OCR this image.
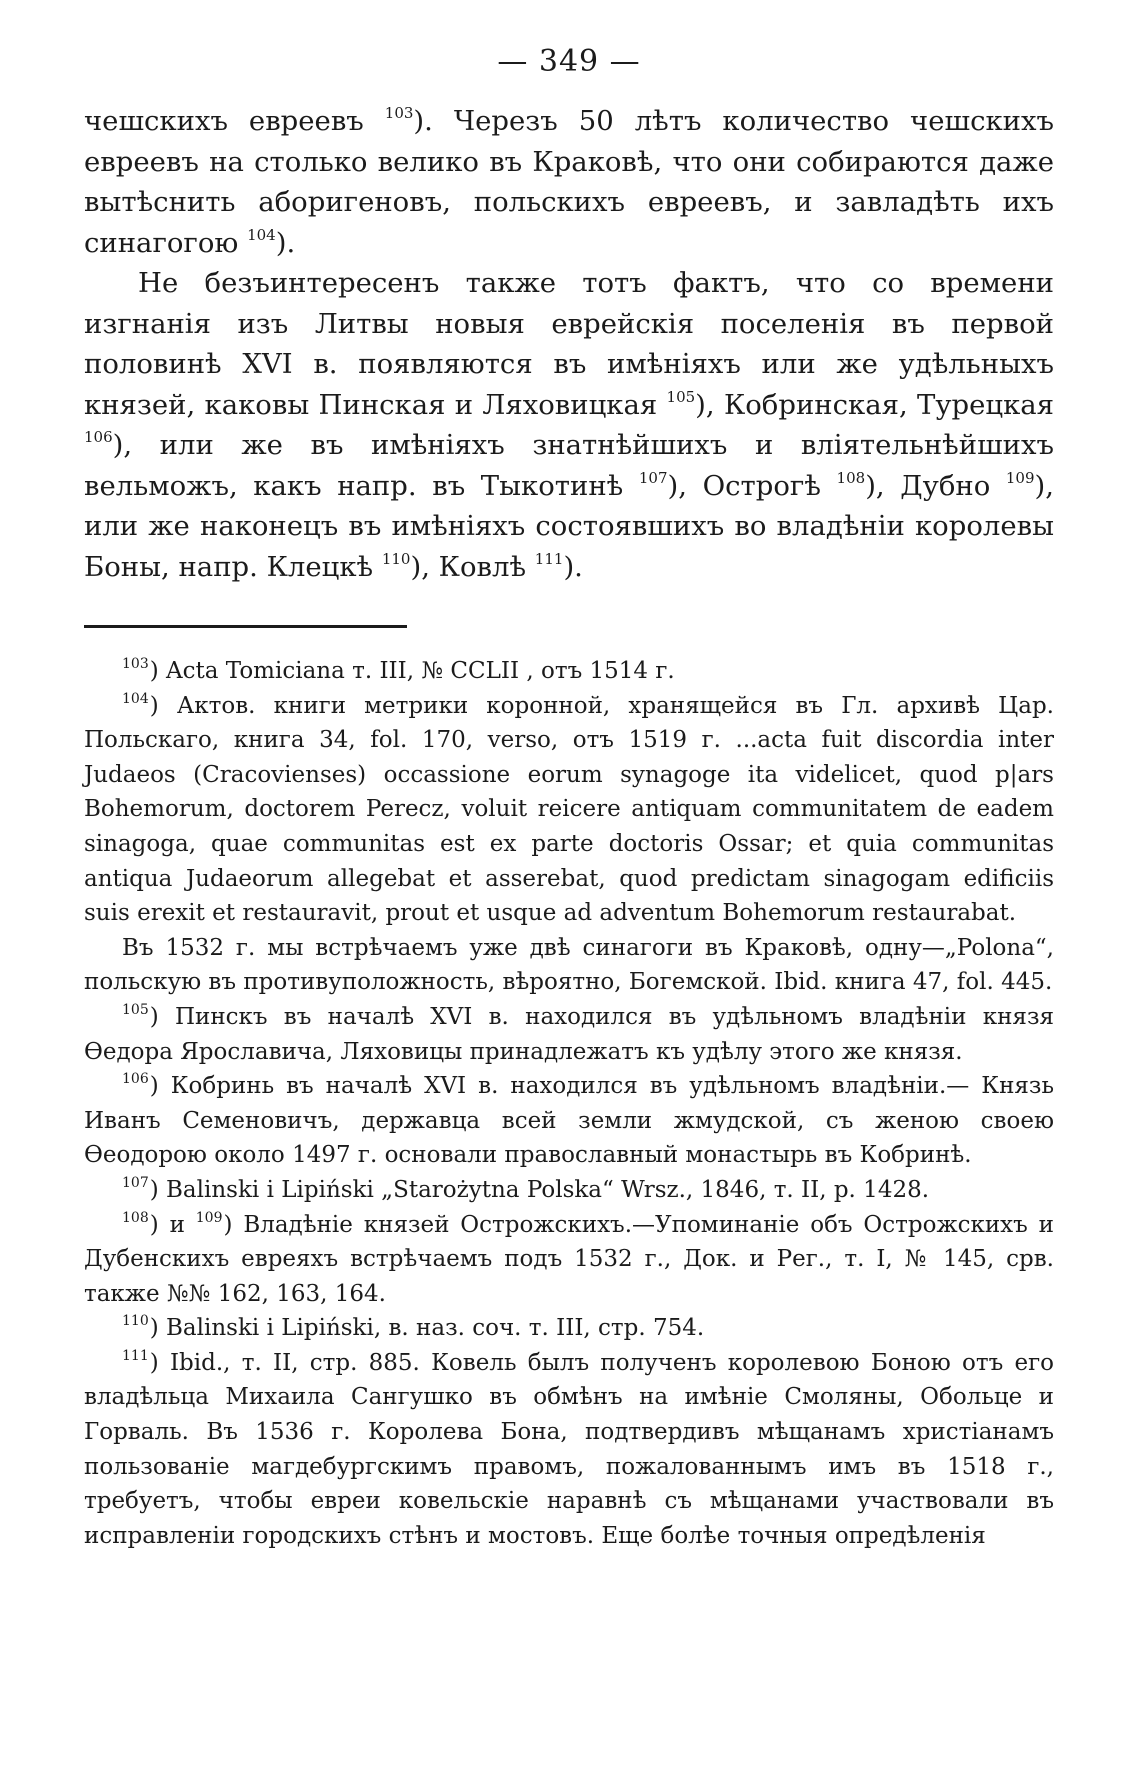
— 349 —

чешскихъ евреевъ $^{103}$). Черезъ 50 лѣтъ количество чешскихъ евреевъ на столько велико въ Краковѣ, что они собираются даже вытѣснить аборигеновъ, польскихъ евреевъ, и завладѣть ихъ синагогою $^{104}$).

Не безъинтересенъ также тотъ фактъ, что со времени изгнанія изъ Литвы новыя еврейскія поселенія въ первой половинѣ XVI в. появляются въ имѣніяхъ или же удѣльныхъ князей, каковы Пинская и Ляховицкая $^{105}$), Кобринская, Турецкая $^{106}$), или же въ имѣніяхъ знатнѣйшихъ и вліятельнѣйшихъ вельможъ, какъ напр. въ Тыкотинѣ $^{107}$), Острогѣ $^{108}$), Дубно $^{109}$), или же наконецъ въ имѣніяхъ состоявшихъ во владѣніи королевы Боны, напр. Клецкѣ $^{110}$), Ковлѣ $^{111}$).

$^{103}$) Acta Tomiciana т. III, № CCLII , отъ 1514 г.

$^{104}$) Актов. книги метрики коронной, хранящейся въ Гл. архивѣ Цар. Польскаго, книга 34, fol. 170, verso, отъ 1519 г. ...acta fuit discordia inter Judaeos (Cracovienses) occassione eorum synagoge ita videlicet, quod p|ars Bohemorum, doctorem Perecz, voluit reicere antiquam communitatem de eadem sinagoga, quae communitas est ex parte doctoris Ossar; et quia communitas antiqua Judaeorum allegebat et asserebat, quod predictam sinagogam edificiis suis erexit et restauravit, prout et usque ad adventum Bohemorum restaurabat.

Въ 1532 г. мы встрѣчаемъ уже двѣ синагоги въ Краковѣ, одну—„Polona“, польскую въ противуположность, вѣроятно, Богемской. Ibid. книга 47, fol. 445.

$^{105}$) Пинскъ въ началѣ XVI в. находился въ удѣльномъ владѣніи князя Ѳедора Ярославича, Ляховицы принадлежатъ къ удѣлу этого же князя.

$^{106}$) Кобринь въ началѣ XVI в. находился въ удѣльномъ владѣніи.— Князь Иванъ Семеновичъ, державца всей земли жмудской, съ женою своею Ѳеодорою около 1497 г. основали православный монастырь въ Кобринѣ.

$^{107}$) Balinski i Lipiński „Starożytna Polska“ Wrsz., 1846, т. II, p. 1428.

$^{108}$) и $^{109}$) Владѣніе князей Острожскихъ.—Упоминаніе объ Острожскихъ и Дубенскихъ евреяхъ встрѣчаемъ подъ 1532 г., Док. и Рег., т. I, № 145, срв. также №№ 162, 163, 164.

$^{110}$) Balinski i Lipiński, в. наз. соч. т. III, стр. 754.

$^{111}$) Ibid., т. II, стр. 885. Ковель былъ полученъ королевою Боною отъ его владѣльца Михаила Сангушко въ обмѣнъ на имѣніе Смоляны, Обольце и Горваль. Въ 1536 г. Королева Бона, подтвердивъ мѣщанамъ христіанамъ пользованіе магдебургскимъ правомъ, пожалованнымъ имъ въ 1518 г., требуетъ, чтобы евреи ковельскіе наравнѣ съ мѣщанами участвовали въ исправленіи городскихъ стѣнъ и мостовъ. Еще болѣе точныя опредѣленія
